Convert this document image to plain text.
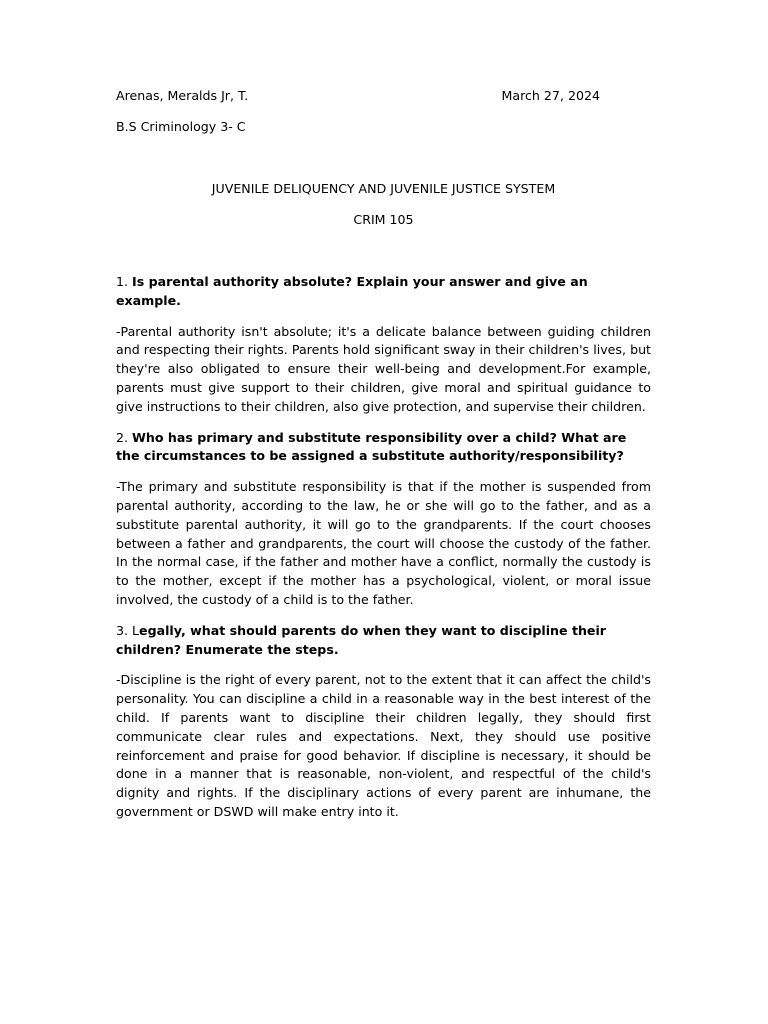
Arenas, Meralds Jr, T.	March 27, 2024
B.S Criminology 3- C
JUVENILE DELIQUENCY AND JUVENILE JUSTICE SYSTEM
CRIM 105

1. Is parental authority absolute? Explain your answer and give an example.

-Parental authority isn't absolute; it's a delicate balance between guiding children and respecting their rights. Parents hold significant sway in their children's lives, but they're also obligated to ensure their well-being and development.For example, parents must give support to their children, give moral and spiritual guidance to give instructions to their children, also give protection, and supervise their children.

2. Who has primary and substitute responsibility over a child? What are the circumstances to be assigned a substitute authority/responsibility?

-The primary and substitute responsibility is that if the mother is suspended from parental authority, according to the law, he or she will go to the father, and as a substitute parental authority, it will go to the grandparents. If the court chooses between a father and grandparents, the court will choose the custody of the father. In the normal case, if the father and mother have a conflict, normally the custody is to the mother, except if the mother has a psychological, violent, or moral issue involved, the custody of a child is to the father.

3. Legally, what should parents do when they want to discipline their children? Enumerate the steps.

-Discipline is the right of every parent, not to the extent that it can affect the child's personality. You can discipline a child in a reasonable way in the best interest of the child. If parents want to discipline their children legally, they should first communicate clear rules and expectations. Next, they should use positive reinforcement and praise for good behavior. If discipline is necessary, it should be done in a manner that is reasonable, non-violent, and respectful of the child's dignity and rights. If the disciplinary actions of every parent are inhumane, the government or DSWD will make entry into it.
